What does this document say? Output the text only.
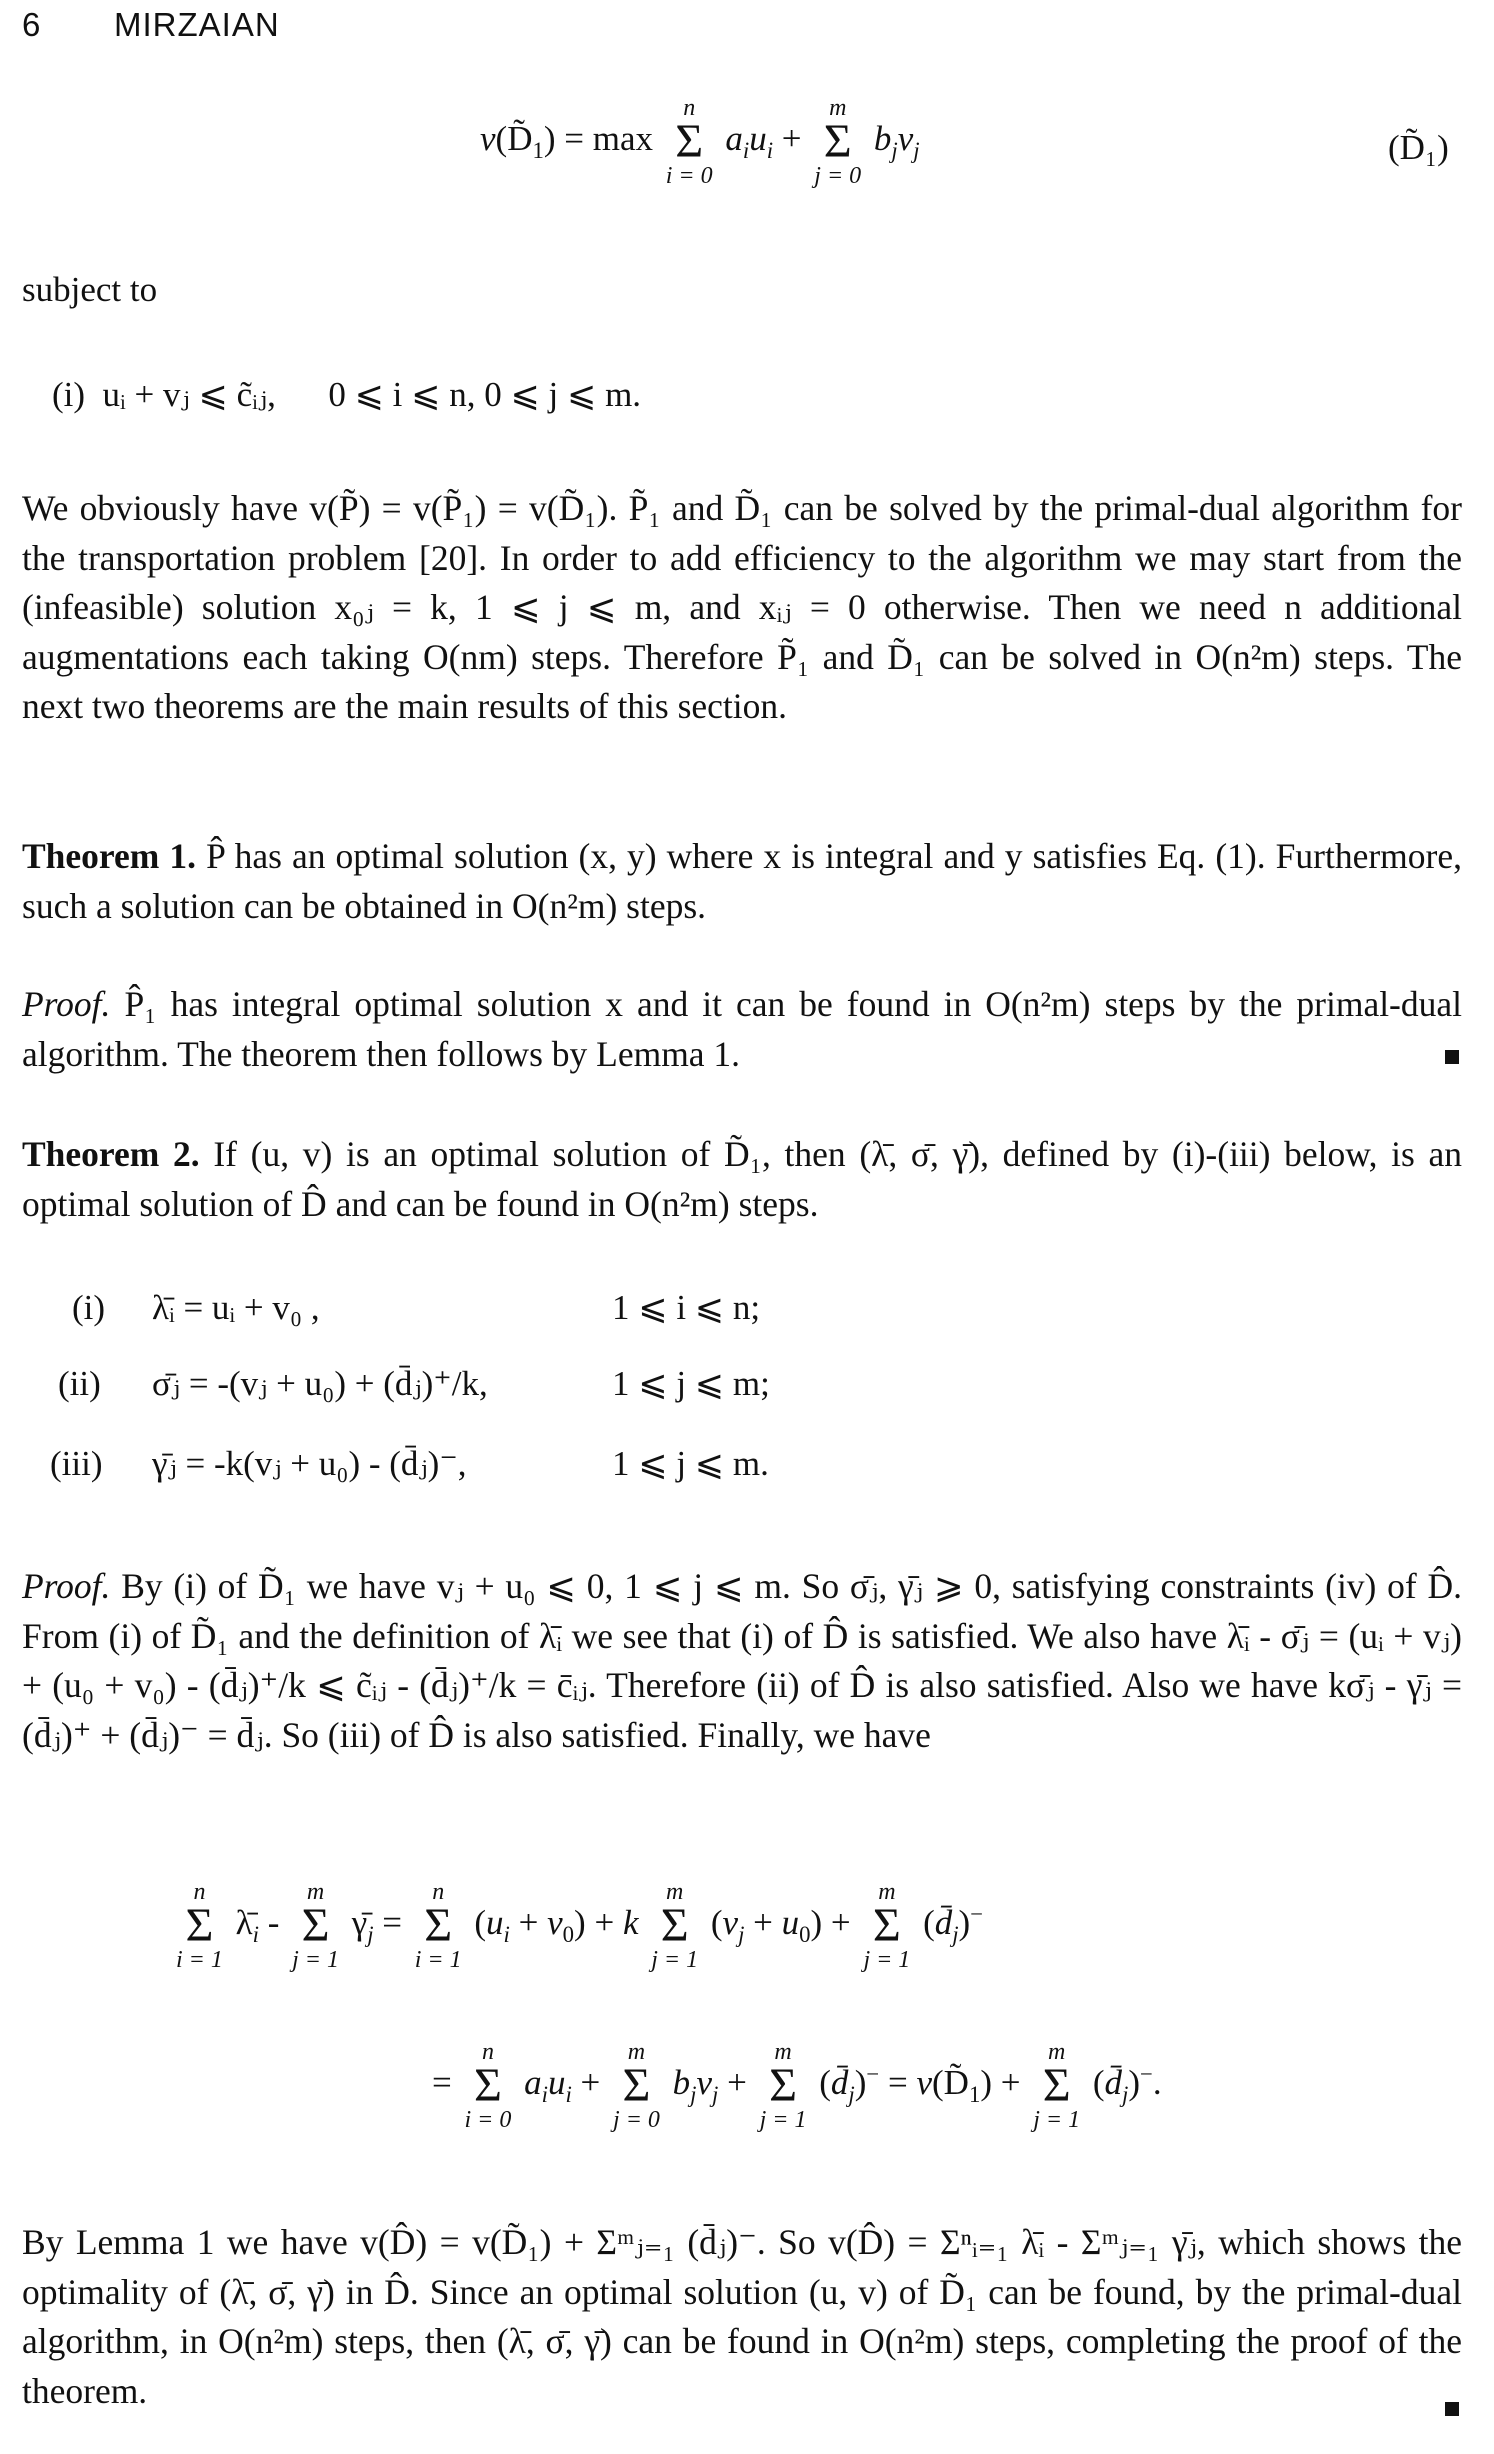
6 MIRZAIAN
$v(D̃_1) = \max$
n
Σ
i = 0
$a_iu_i$ +
m
Σ
j = 0
$b_jv_j$	(D̃₁)
subject to
(i)  uᵢ + vⱼ ⩽ c̃ᵢⱼ,      0 ⩽ i ⩽ n, 0 ⩽ j ⩽ m.
We obviously have v(P̃) = v(P̃₁) = v(D̃₁). P̃₁ and D̃₁ can be solved by the primal-dual algorithm for the transportation problem [20]. In order to add efficiency to the algorithm we may start from the (infeasible) solution x₀ⱼ = k, 1 ⩽ j ⩽ m, and xᵢⱼ = 0 otherwise. Then we need n additional augmentations each taking O(nm) steps. Therefore P̃₁ and D̃₁ can be solved in O(n²m) steps. The next two theorems are the main results of this section.
Theorem 1. P̂ has an optimal solution (x, y) where x is integral and y satisfies Eq. (1). Furthermore, such a solution can be obtained in O(n²m) steps.
Proof. P̂₁ has integral optimal solution x and it can be found in O(n²m) steps by the primal-dual algorithm. The theorem then follows by Lemma 1.
Theorem 2. If (u, v) is an optimal solution of D̃₁, then (λ̄, σ̄, γ̄), defined by (i)-(iii) below, is an optimal solution of D̂ and can be found in O(n²m) steps.
(i) λ̄ᵢ = uᵢ + v₀ ,	1 ⩽ i ⩽ n;
(ii) σ̄ⱼ = -(vⱼ + u₀) + (d̄ⱼ)⁺/k,	1 ⩽ j ⩽ m;
(iii) γ̄ⱼ = -k(vⱼ + u₀) - (d̄ⱼ)⁻,	1 ⩽ j ⩽ m.
Proof. By (i) of D̃₁ we have vⱼ + u₀ ⩽ 0, 1 ⩽ j ⩽ m. So σ̄ⱼ, γ̄ⱼ ⩾ 0, satisfying constraints (iv) of D̂. From (i) of D̃₁ and the definition of λ̄ᵢ we see that (i) of D̂ is satisfied. We also have λ̄ᵢ - σ̄ⱼ = (uᵢ + vⱼ) + (u₀ + v₀) - (d̄ⱼ)⁺/k ⩽ c̃ᵢⱼ - (d̄ⱼ)⁺/k = c̄ᵢⱼ. Therefore (ii) of D̂ is also satisfied. Also we have kσ̄ⱼ - γ̄ⱼ = (d̄ⱼ)⁺ + (d̄ⱼ)⁻ = d̄ⱼ. So (iii) of D̂ is also satisfied. Finally, we have
n
Σ
i = 1
$\lambdā_i$ -
m
Σ
j = 1
$\gammā_j$ =
n
Σ
i = 1
$(u_i + v_0) + k$
m
Σ
j = 1
$(v_j + u_0)$ +
m
Σ
j = 1
$(d̄_j)^-$
=
n
Σ
i = 0
$a_iu_i$ +
m
Σ
j = 0
$b_jv_j$ +
m
Σ
j = 1
$(d̄_j)^-$ = $v(D̃_1)$ +
m
Σ
j = 1
$(d̄_j)^-$.
By Lemma 1 we have v(D̂) = v(D̃₁) + Σᵐⱼ₌₁ (d̄ⱼ)⁻. So v(D̂) = Σⁿᵢ₌₁ λ̄ᵢ - Σᵐⱼ₌₁ γ̄ⱼ, which shows the optimality of (λ̄, σ̄, γ̄) in D̂. Since an optimal solution (u, v) of D̃₁ can be found, by the primal-dual algorithm, in O(n²m) steps, then (λ̄, σ̄, γ̄) can be found in O(n²m) steps, completing the proof of the theorem.
